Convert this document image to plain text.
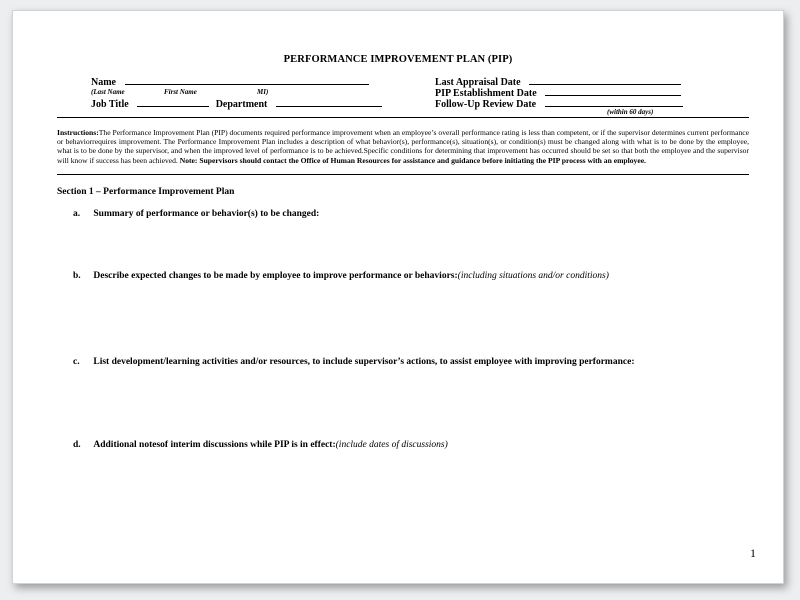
PERFORMANCE IMPROVEMENT PLAN (PIP)
Name
(Last Name	First Name	MI)
Job Title	Department
Last Appraisal Date
PIP Establishment Date
Follow-Up Review Date
(within 60 days)
Instructions:The Performance Improvement Plan (PIP) documents required performance improvement when an employee’s overall performance rating is less than competent, or if the supervisor determines current performance or behaviorrequires improvement. The Performance Improvement Plan includes a description of what behavior(s), performance(s), situation(s), or condition(s) must be changed along with what is to be done by the employee, what is to be done by the supervisor, and when the improved level of performance is to be achieved.Specific conditions for determining that improvement has occurred should be set so that both the employee and the supervisor will know if success has been achieved. Note: Supervisors should contact the Office of Human Resources for assistance and guidance before initiating the PIP process with an employee.
Section 1 – Performance Improvement Plan
a. Summary of performance or behavior(s) to be changed:
b. Describe expected changes to be made by employee to improve performance or behaviors:(including situations and/or conditions)
c. List development/learning activities and/or resources, to include supervisor’s actions, to assist employee with improving performance:
d. Additional notesof interim discussions while PIP is in effect:(include dates of discussions)
1
